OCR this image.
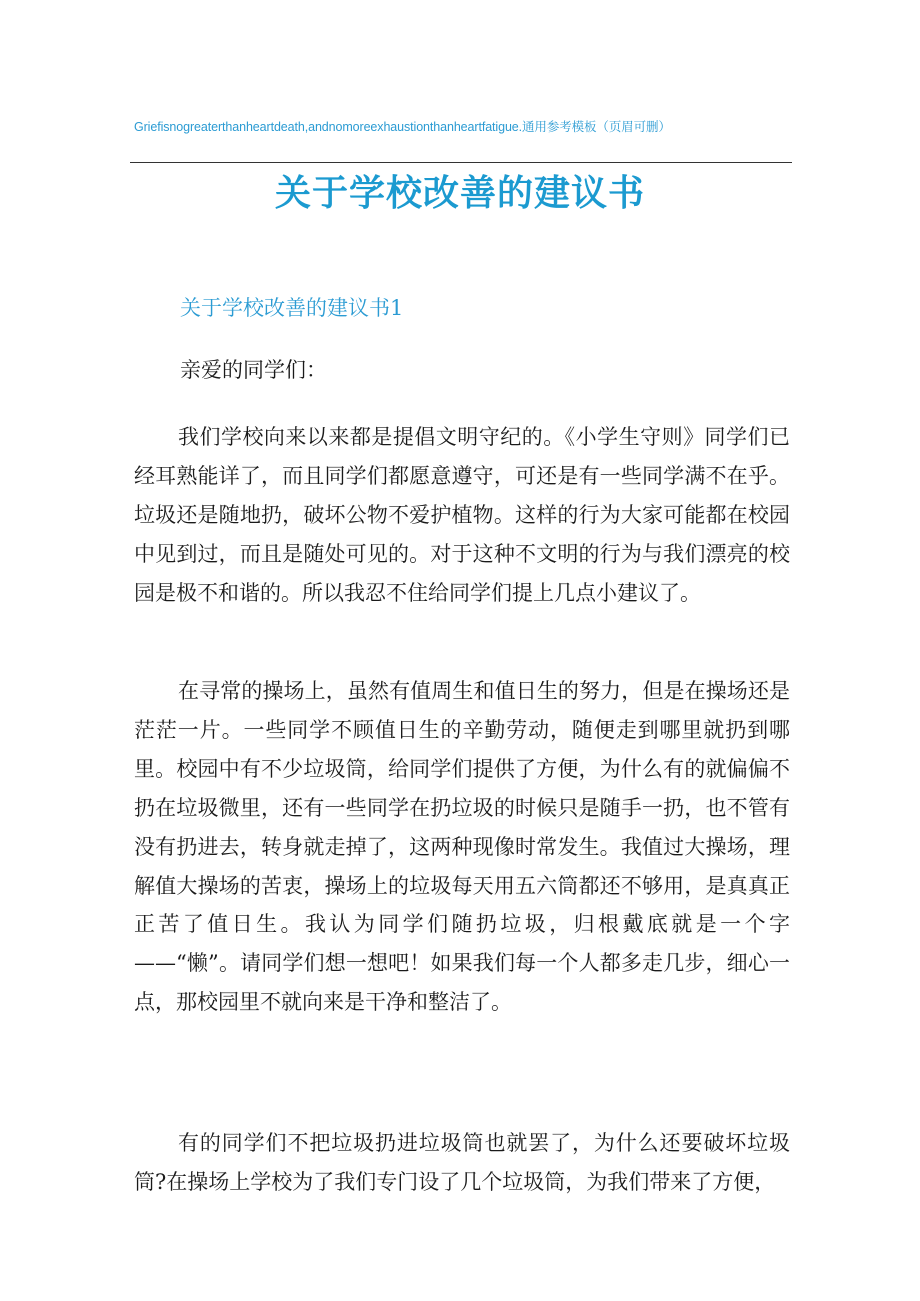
Griefisnogreaterthanheartdeath,andnomoreexhaustionthanheartfatigue.通用参考模板（页眉可删）
关于学校改善的建议书
关于学校改善的建议书1
亲爱的同学们：

我们学校向来以来都是提倡文明守纪的。《小学生守则》同学们已经耳熟能详了，而且同学们都愿意遵守，可还是有一些同学满不在乎。垃圾还是随地扔，破坏公物不爱护植物。这样的行为大家可能都在校园中见到过，而且是随处可见的。对于这种不文明的行为与我们漂亮的校园是极不和谐的。所以我忍不住给同学们提上几点小建议了。

在寻常的操场上，虽然有值周生和值日生的努力，但是在操场还是茫茫一片。一些同学不顾值日生的辛勤劳动，随便走到哪里就扔到哪里。校园中有不少垃圾筒，给同学们提供了方便，为什么有的就偏偏不扔在垃圾微里，还有一些同学在扔垃圾的时候只是随手一扔，也不管有没有扔进去，转身就走掉了，这两种现像时常发生。我值过大操场，理解值大操场的苦衷，操场上的垃圾每天用五六筒都还不够用，是真真正正苦了值日生。我认为同学们随扔垃圾，归根戴底就是一个字——“懒”。请同学们想一想吧！如果我们每一个人都多走几步，细心一点，那校园里不就向来是干净和整洁了。

有的同学们不把垃圾扔进垃圾筒也就罢了，为什么还要破坏垃圾筒?在操场上学校为了我们专门设了几个垃圾筒，为我们带来了方便，
